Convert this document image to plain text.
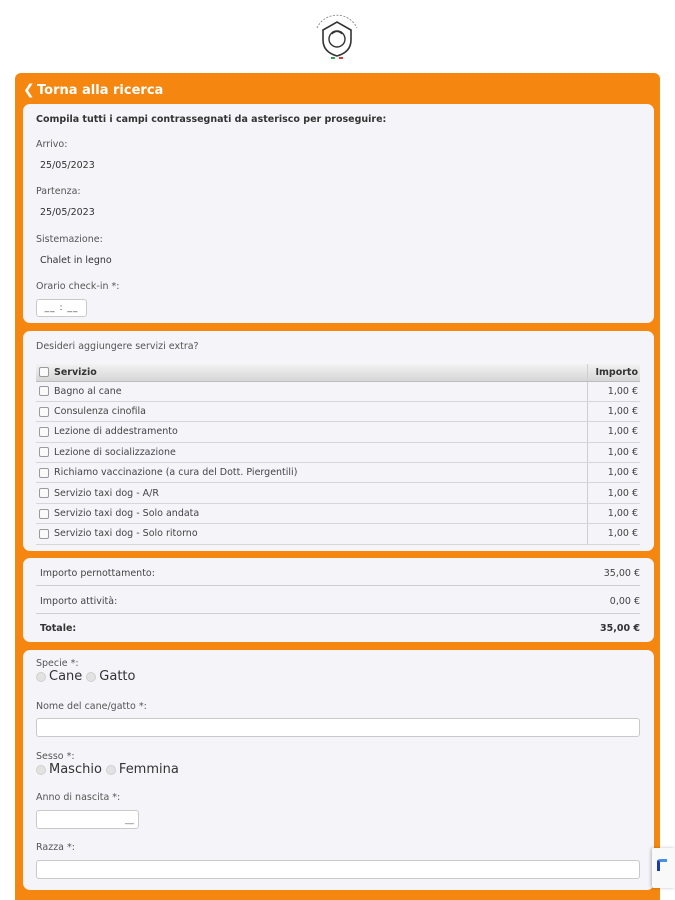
❮ Torna alla ricerca
Compila tutti i campi contrassegnati da asterisco per proseguire:
Arrivo:
25/05/2023
Partenza:
25/05/2023
Sistemazione:
Chalet in legno
Orario check-in *:
__ : __
Desideri aggiungere servizi extra?
	Servizio	Importo
	Bagno al cane	1,00 €
	Consulenza cinofila	1,00 €
	Lezione di addestramento	1,00 €
	Lezione di socializzazione	1,00 €
	Richiamo vaccinazione (a cura del Dott. Piergentili)	1,00 €
	Servizio taxi dog - A/R	1,00 €
	Servizio taxi dog - Solo andata	1,00 €
	Servizio taxi dog - Solo ritorno	1,00 €
Importo pernottamento:	35,00 €
Importo attività:	0,00 €
Totale:	35,00 €
Specie *:
Cane Gatto
Nome del cane/gatto *:
Sesso *:
Maschio Femmina
Anno di nascita *:
__
Razza *:
